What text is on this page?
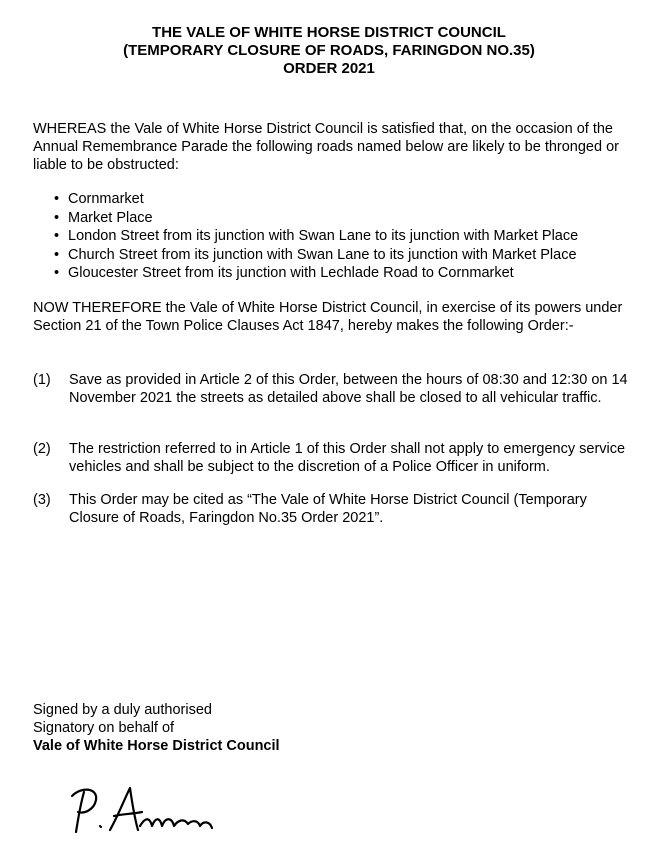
THE VALE OF WHITE HORSE DISTRICT COUNCIL
(TEMPORARY CLOSURE OF ROADS, FARINGDON NO.35)
ORDER 2021
WHEREAS the Vale of White Horse District Council is satisfied that, on the occasion of the Annual Remembrance Parade the following roads named below are likely to be thronged or liable to be obstructed:
• Cornmarket
• Market Place
• London Street from its junction with Swan Lane to its junction with Market Place
• Church Street from its junction with Swan Lane to its junction with Market Place
• Gloucester Street from its junction with Lechlade Road to Cornmarket
NOW THEREFORE the Vale of White Horse District Council, in exercise of its powers under Section 21 of the Town Police Clauses Act 1847, hereby makes the following Order:-
(1)	Save as provided in Article 2 of this Order, between the hours of 08:30 and 12:30 on 14 November 2021 the streets as detailed above shall be closed to all vehicular traffic.
(2)	The restriction referred to in Article 1 of this Order shall not apply to emergency service vehicles and shall be subject to the discretion of a Police Officer in uniform.
(3)	This Order may be cited as “The Vale of White Horse District Council (Temporary Closure of Roads, Faringdon No.35 Order 2021”.
Signed by a duly authorised
Signatory on behalf of
Vale of White Horse District Council
